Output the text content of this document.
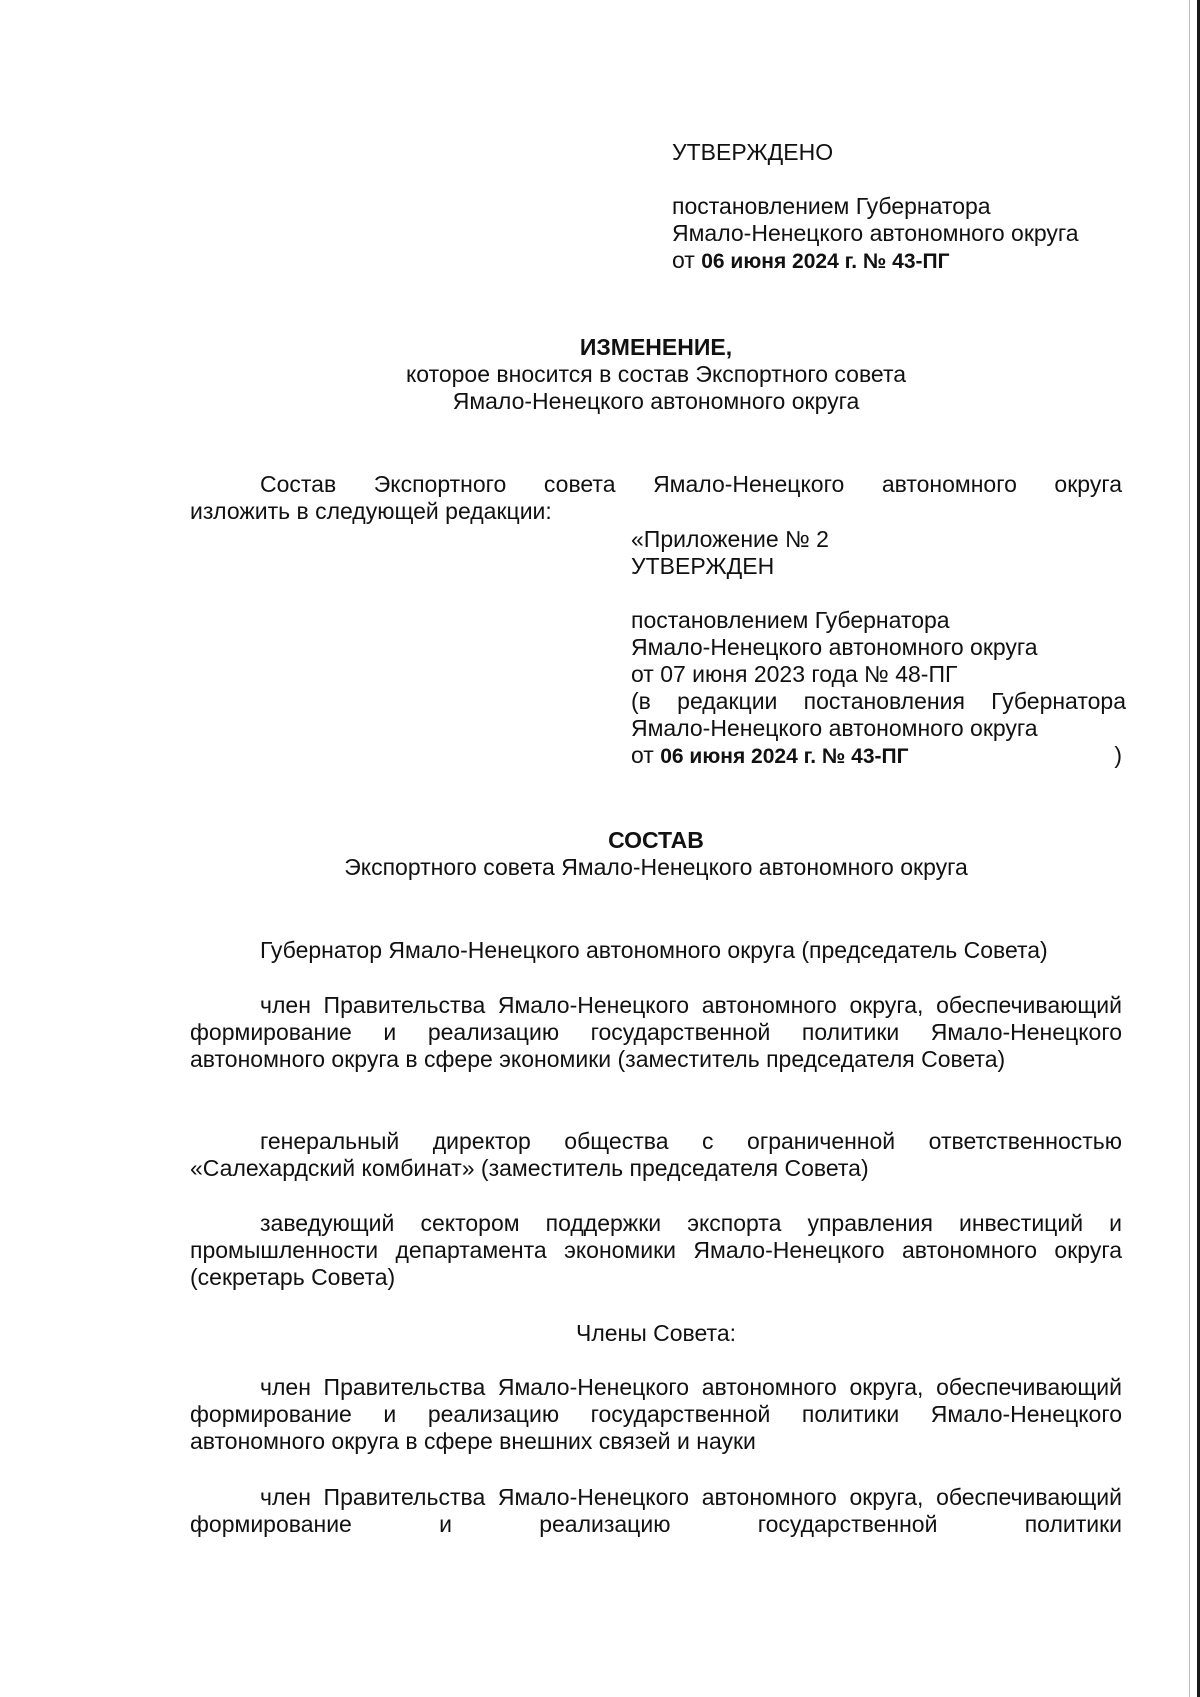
УТВЕРЖДЕНО
постановлением Губернатора
Ямало-Ненецкого автономного округа
от 06 июня 2024 г. № 43-ПГ
ИЗМЕНЕНИЕ,
которое вносится в состав Экспортного совета
Ямало-Ненецкого автономного округа
Состав Экспортного совета Ямало-Ненецкого автономного округа
изложить в следующей редакции:
«Приложение № 2
УТВЕРЖДЕН
постановлением Губернатора
Ямало-Ненецкого автономного округа
от 07 июня 2023 года № 48-ПГ
(в редакции постановления Губернатора
Ямало-Ненецкого автономного округа
от 06 июня 2024 г. № 43-ПГ	)
СОСТАВ
Экспортного совета Ямало-Ненецкого автономного округа
Губернатор Ямало-Ненецкого автономного округа (председатель Совета)
член Правительства Ямало-Ненецкого автономного округа, обеспечивающий формирование и реализацию государственной политики Ямало-Ненецкого автономного округа в сфере экономики (заместитель председателя Совета)
генеральный директор общества с ограниченной ответственностью «Салехардский комбинат» (заместитель председателя Совета)
заведующий сектором поддержки экспорта управления инвестиций и промышленности департамента экономики Ямало-Ненецкого автономного округа (секретарь Совета)
Члены Совета:
член Правительства Ямало-Ненецкого автономного округа, обеспечивающий формирование и реализацию государственной политики Ямало-Ненецкого автономного округа в сфере внешних связей и науки
член Правительства Ямало-Ненецкого автономного округа, обеспечивающий формирование и реализацию государственной политики
